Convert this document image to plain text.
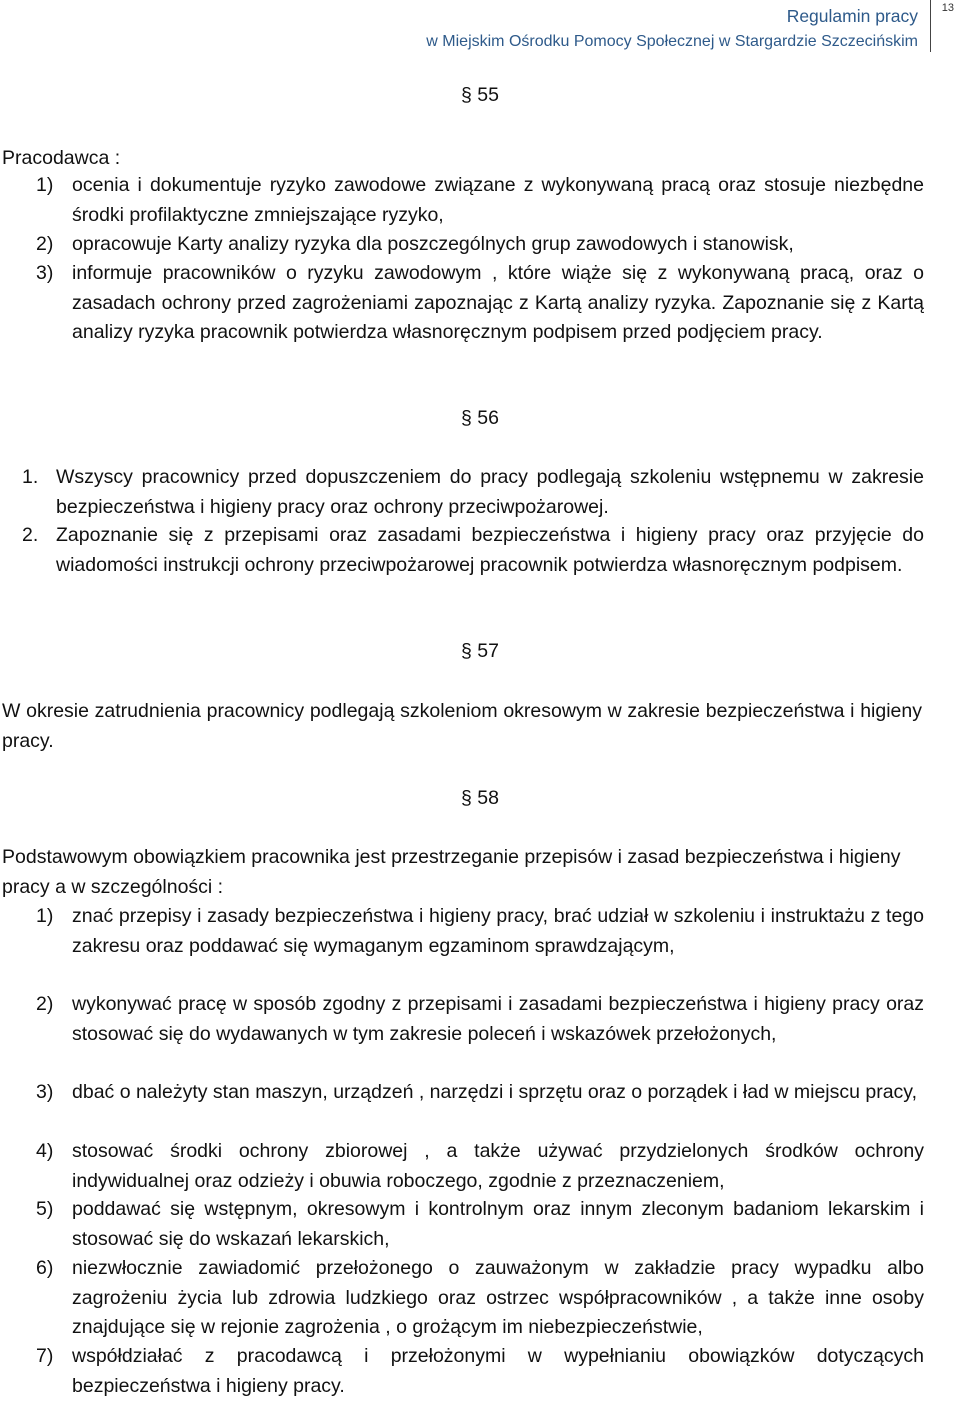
Regulamin pracy
w Miejskim Ośrodku Pomocy Społecznej w Stargardzie Szczecińskim
13
§ 55
Pracodawca :
1) ocenia i dokumentuje ryzyko zawodowe związane z wykonywaną pracą oraz stosuje niezbędne środki profilaktyczne zmniejszające ryzyko,
2) opracowuje Karty analizy ryzyka dla poszczególnych grup zawodowych i stanowisk,
3) informuje pracowników o ryzyku zawodowym , które wiąże się z wykonywaną pracą, oraz o zasadach ochrony przed zagrożeniami zapoznając z Kartą analizy ryzyka. Zapoznanie się z Kartą analizy ryzyka pracownik potwierdza własnoręcznym podpisem przed podjęciem pracy.
§ 56
1. Wszyscy pracownicy przed dopuszczeniem do pracy podlegają szkoleniu wstępnemu w zakresie bezpieczeństwa i higieny pracy oraz ochrony przeciwpożarowej.
2. Zapoznanie się z przepisami oraz zasadami bezpieczeństwa i higieny pracy oraz przyjęcie do wiadomości instrukcji ochrony przeciwpożarowej pracownik potwierdza własnoręcznym podpisem.
§ 57
W okresie zatrudnienia pracownicy podlegają szkoleniom okresowym w zakresie bezpieczeństwa i higieny pracy.
§ 58
Podstawowym obowiązkiem pracownika jest przestrzeganie przepisów i zasad bezpieczeństwa i higieny pracy a w szczególności :
1) znać przepisy i zasady bezpieczeństwa i higieny pracy, brać udział w szkoleniu i instruktażu z tego zakresu oraz poddawać się wymaganym egzaminom sprawdzającym,
2) wykonywać pracę w sposób zgodny z przepisami i zasadami bezpieczeństwa i higieny pracy oraz stosować się do wydawanych w tym zakresie poleceń i wskazówek przełożonych,
3) dbać o należyty stan maszyn, urządzeń , narzędzi i sprzętu oraz o porządek i ład w miejscu pracy,
4) stosować środki ochrony zbiorowej , a także używać przydzielonych środków ochrony indywidualnej oraz odzieży i obuwia roboczego, zgodnie z przeznaczeniem,
5) poddawać się wstępnym, okresowym i kontrolnym oraz innym zleconym badaniom lekarskim i stosować się do wskazań lekarskich,
6) niezwłocznie zawiadomić przełożonego o zauważonym w zakładzie pracy wypadku albo zagrożeniu życia lub zdrowia ludzkiego oraz ostrzec współpracowników , a także inne osoby znajdujące się w rejonie zagrożenia , o grożącym im niebezpieczeństwie,
7) współdziałać z pracodawcą i przełożonymi w wypełnianiu obowiązków dotyczących bezpieczeństwa i higieny pracy.
